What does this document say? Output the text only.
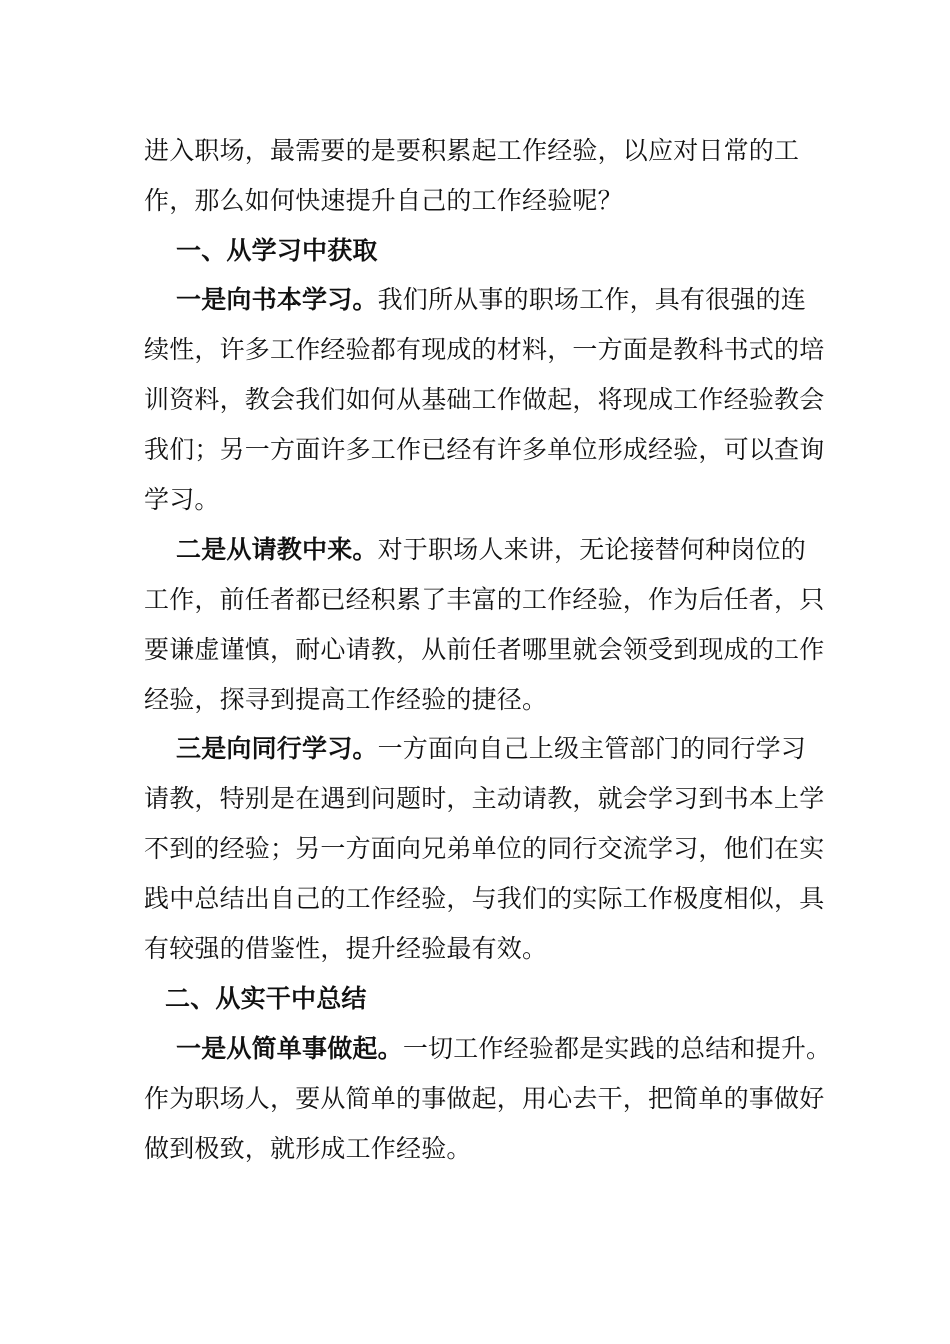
进入职场，最需要的是要积累起工作经验，以应对日常的工
作，那么如何快速提升自己的工作经验呢？
一、从学习中获取
一是向书本学习。我们所从事的职场工作，具有很强的连
续性，许多工作经验都有现成的材料，一方面是教科书式的培
训资料，教会我们如何从基础工作做起，将现成工作经验教会
我们；另一方面许多工作已经有许多单位形成经验，可以查询
学习。
二是从请教中来。对于职场人来讲，无论接替何种岗位的
工作，前任者都已经积累了丰富的工作经验，作为后任者，只
要谦虚谨慎，耐心请教，从前任者哪里就会领受到现成的工作
经验，探寻到提高工作经验的捷径。
三是向同行学习。一方面向自己上级主管部门的同行学习
请教，特别是在遇到问题时，主动请教，就会学习到书本上学
不到的经验；另一方面向兄弟单位的同行交流学习，他们在实
践中总结出自己的工作经验，与我们的实际工作极度相似，具
有较强的借鉴性，提升经验最有效。
二、从实干中总结
一是从简单事做起。一切工作经验都是实践的总结和提升。
作为职场人，要从简单的事做起，用心去干，把简单的事做好
做到极致，就形成工作经验。
